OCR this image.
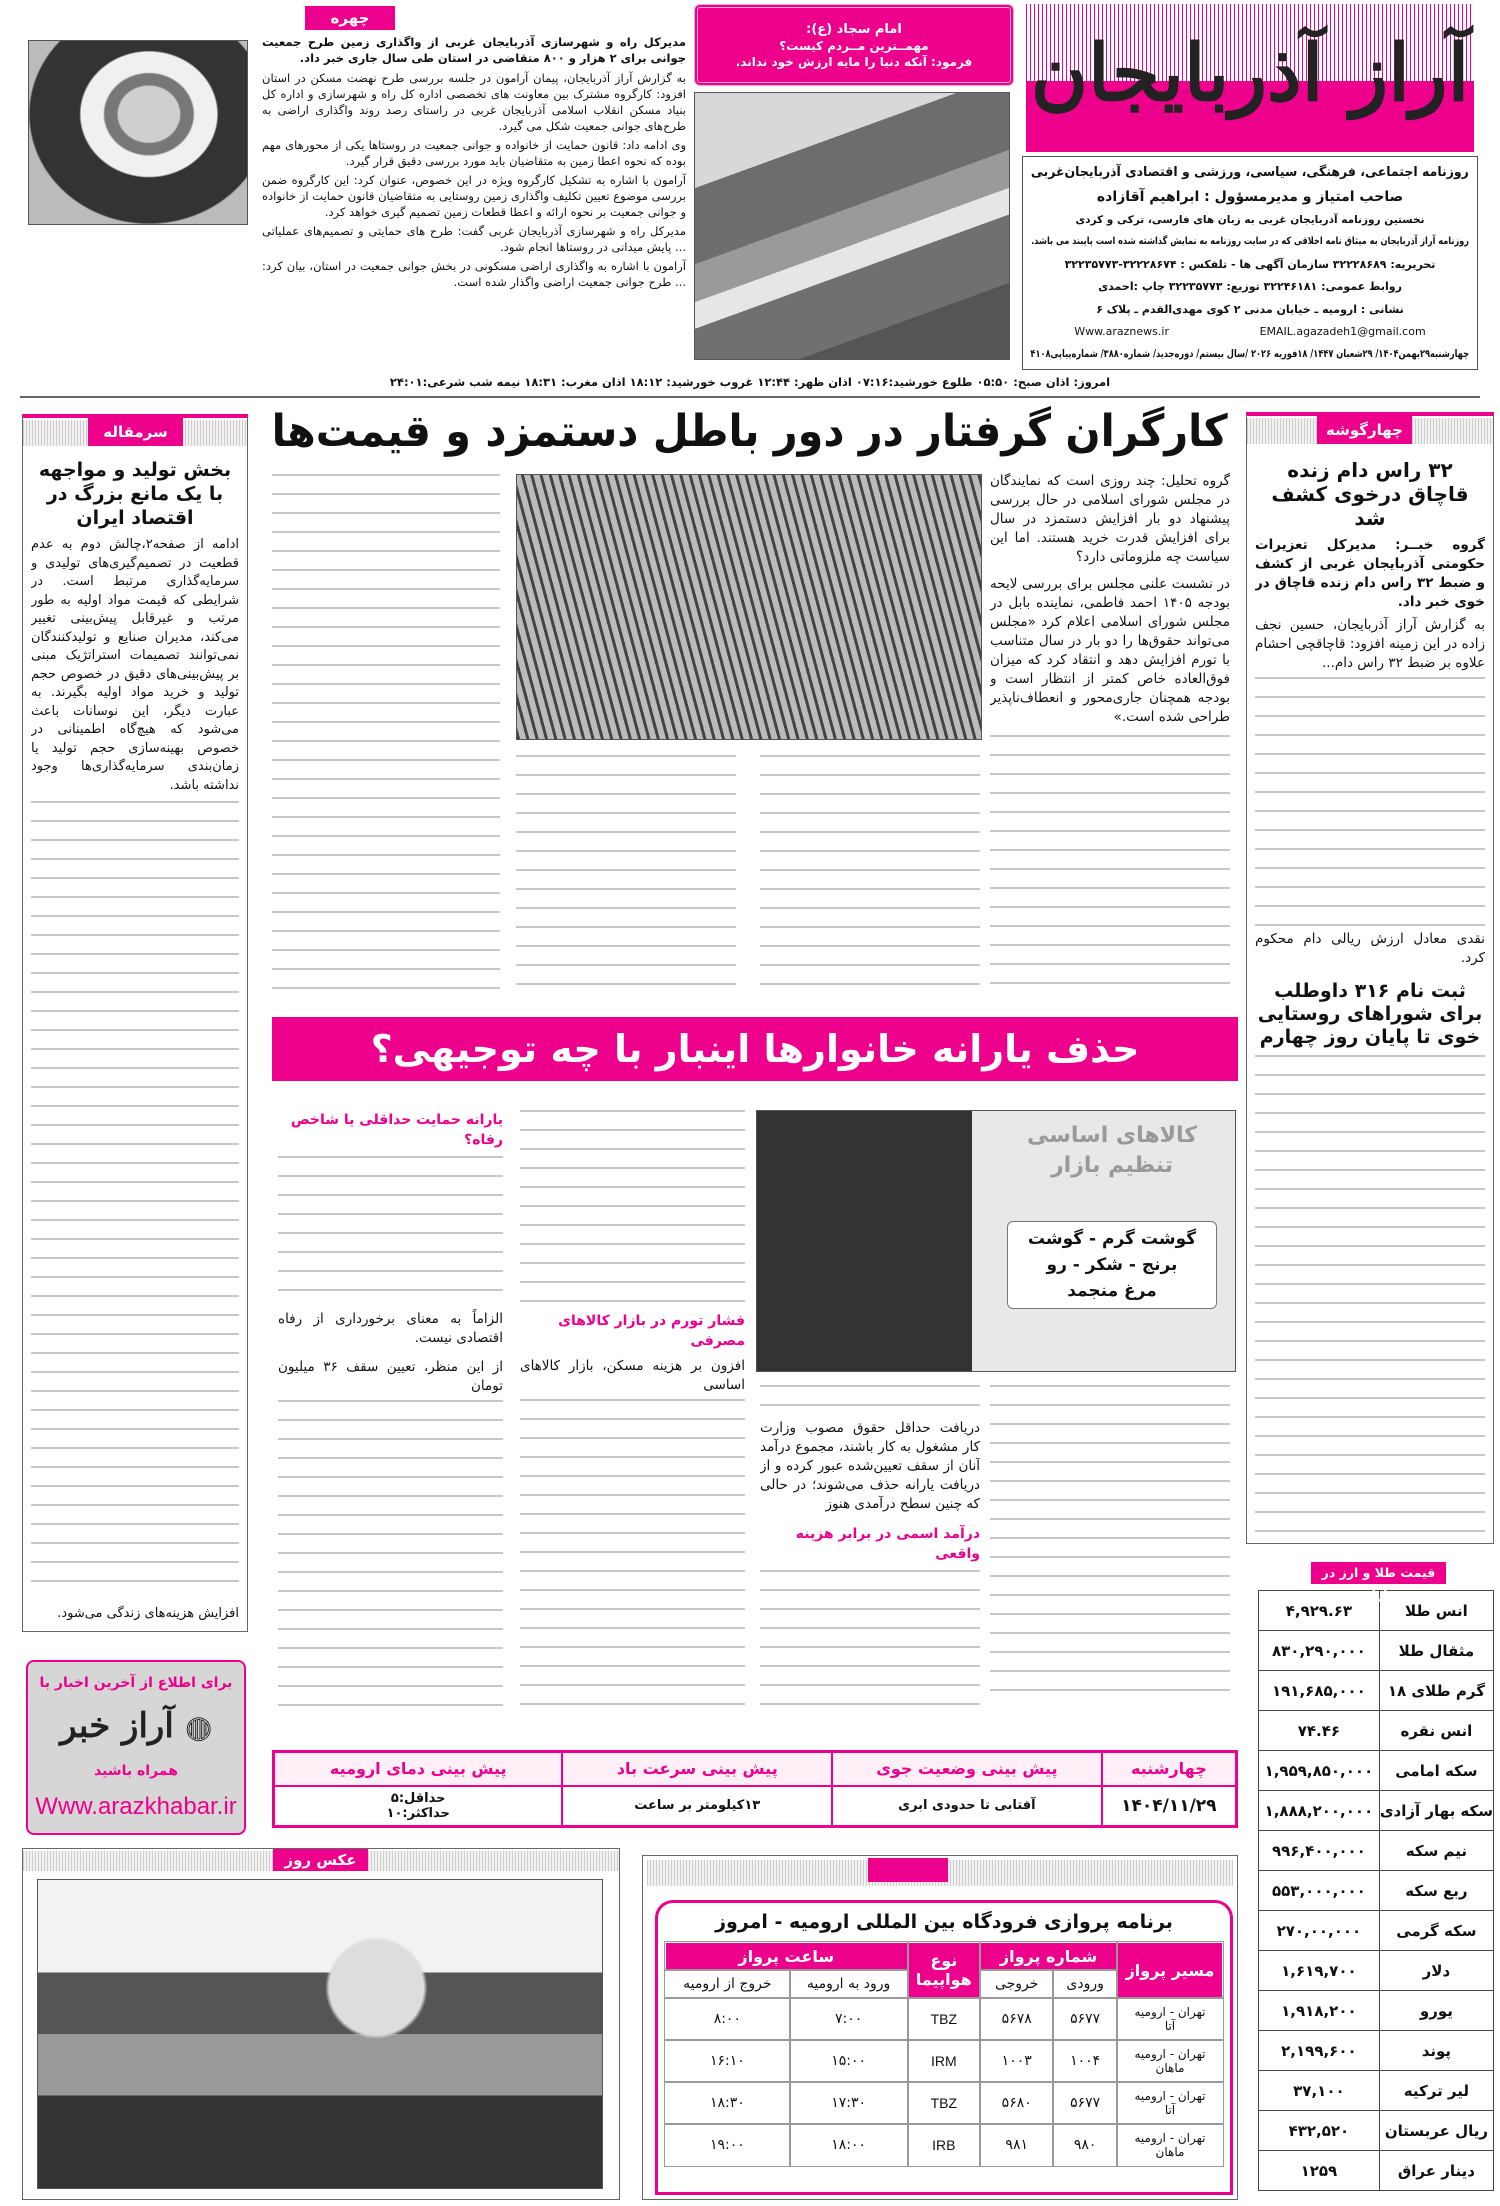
آراز آذربایجان
روزنامه اجتماعی، فرهنگی، سیاسی، ورزشی و اقتصادی آذربایجان‌غربی
صاحب امتیاز و مدیرمسؤول : ابراهیم آقازاده
نخستین روزنامه آذربایجان غربی به زبان های فارسی، ترکی و کردی
روزنامه آراز آذربایجان به میثاق نامه اخلاقی که در سایت روزنامه به نمایش گذاشته شده است پایبند می باشد.
تحریریه: ۳۲۲۲۸۶۸۹ سازمان آگهی ها - تلفکس : ۳۲۲۲۸۶۷۴-۳۲۲۳۵۷۷۳
روابط عمومی: ۳۲۲۴۶۱۸۱ توزیع: ۳۲۲۳۵۷۷۳ چاپ :احمدی
نشانی : ارومیه ـ خیابان مدنی ۲ کوی مهدی‌القدم ـ پلاک ۶
Www.araznews.ir	EMAIL.agazadeh1@gmail.com
چهارشنبه۲۹بهمن۱۴۰۴/ ۲۹شعبان ۱۴۴۷/ ۱۸فوریه ۲۰۲۶ /سال بیستم/ دوره‌جدید/ شماره۳۸۸۰/ شماره‌پیاپی۴۱۰۸
امام سجاد (ع):
مهمــترین مــردم کیست؟
فرمود: آنکه دنیا را مایه ارزش خود نداند.
چهره

مدیرکل راه و شهرسازی آذربایجان غربی از واگذاری زمین طرح جمعیت جوانی برای ۲ هزار و ۸۰۰ متقاضی در استان طی سال جاری خبر داد.

به گزارش آراز آذربایجان، پیمان آرامون در جلسه بررسی طرح نهضت مسکن در استان افزود: کارگروه مشترک بین معاونت های تخصصی اداره کل راه و شهرسازی و اداره کل بنیاد مسکن انقلاب اسلامی آذربایجان غربی در راستای رصد روند واگذاری اراضی به طرح‌های جوانی جمعیت شکل می گیرد.

وی ادامه داد: قانون حمایت از خانواده و جوانی جمعیت در روستاها یکی از محورهای مهم بوده که نحوه اعطا زمین به متقاضیان باید مورد بررسی دقیق قرار گیرد.

آرامون با اشاره به تشکیل کارگروه ویژه در این خصوص، عنوان کرد: این کارگروه ضمن بررسی موضوع تعیین تکلیف واگذاری زمین روستایی به متقاضیان قانون حمایت از خانواده و جوانی جمعیت بر نحوه ارائه و اعطا قطعات زمین تصمیم گیری خواهد کرد.

مدیرکل راه و شهرسازی آذربایجان غربی گفت: طرح های حمایتی و تصمیم‌های عملیاتی ... پایش میدانی در روستاها انجام شود.

آرامون با اشاره به واگذاری اراضی مسکونی در بخش جوانی جمعیت در استان، بیان کرد: ... طرح جوانی جمعیت اراضی واگذار شده است.

امروز: اذان صبح: ۰۵:۵۰ طلوع خورشید:۰۷:۱۶ اذان ظهر: ۱۲:۴۴ غروب خورشید: ۱۸:۱۲ اذان مغرب: ۱۸:۳۱ نیمه شب شرعی:۲۴:۰۱
سرمقاله
بخش تولید و مواجهه با یک مانع بزرگ در اقتصاد ایران
ادامه از صفحه۲،چالش دوم به عدم قطعیت در تصمیم‌گیری‌های تولیدی و سرمایه‌گذاری مرتبط است. در شرایطی که قیمت مواد اولیه به طور مرتب و غیرقابل پیش‌بینی تغییر می‌کند، مدیران صنایع و تولیدکنندگان نمی‌توانند تصمیمات استراتژیک مبنی بر پیش‌بینی‌های دقیق در خصوص حجم تولید و خرید مواد اولیه بگیرند. به عبارت دیگر، این نوسانات باعث می‌شود که هیچ‌گاه اطمینانی در خصوص بهینه‌سازی حجم تولید یا زمان‌بندی سرمایه‌گذاری‌ها وجود نداشته باشد.
افزایش هزینه‌های زندگی می‌شود.
برای اطلاع از آخرین اخبار با
◍ آراز خبر
همراه باشید
Www.arazkhabar.ir
کارگران گرفتار در دور باطل دستمزد و قیمت‌ها

گروه تحلیل: چند روزی است که نمایندگان در مجلس شورای اسلامی در حال بررسی پیشنهاد دو بار افزایش دستمزد در سال برای افزایش قدرت خرید هستند. اما این سیاست چه ملزوماتی دارد؟

در نشست علنی مجلس برای بررسی لایحه بودجه ۱۴۰۵ احمد فاطمی، نماینده بابل در مجلس شورای اسلامی اعلام کرد «مجلس می‌تواند حقوق‌ها را دو بار در سال متناسب با تورم افزایش دهد و انتقاد کرد که میزان فوق‌العاده خاص کمتر از انتظار است و بودجه همچنان جاری‌محور و انعطاف‌ناپذیر طراحی شده است.»

حذف یارانه خانوارها اینبار با چه توجیهی؟
کالاهای اساسی تنظیم بازار
گوشت گرم - گوشت
برنج - شکر - رو
مرغ منجمد
دریافت حداقل حقوق مصوب وزارت کار مشغول به کار باشند، مجموع درآمد آنان از سقف تعیین‌شده عبور کرده و از دریافت یارانه حذف می‌شوند؛ در حالی که چنین سطح درآمدی هنوز
درآمد اسمی در برابر هزینه واقعی
فشار تورم در بازار کالاهای مصرفی
افزون بر هزینه مسکن، بازار کالاهای اساسی
یارانه حمایت حداقلی یا شاخص رفاه؟
الزاماً به معنای برخورداری از رفاه اقتصادی نیست.
از این منظر، تعیین سقف ۳۶ میلیون تومان
چهارشنبه	پیش بینی وضعیت جوی	پیش بینی سرعت باد	پیش بینی دمای ارومیه
۱۴۰۴/۱۱/۲۹	آفتابی تا حدودی ابری	۱۳کیلومتر بر ساعت	حداقل:۵
حداکثر:۱۰
عکس روز
برنامه پروازی فرودگاه بین المللی ارومیه - امروز
مسیر پرواز	شماره پرواز		نوع هواپیما	ساعت پرواز	
	ورودی	خروجی		ورود به ارومیه	خروج از ارومیه

تهران - ارومیه
آتا	۵۶۷۷	۵۶۷۸	TBZ	۷:۰۰	۸:۰۰

تهران - ارومیه
ماهان	۱۰۰۴	۱۰۰۳	IRM	۱۵:۰۰	۱۶:۱۰

تهران - ارومیه
آتا	۵۶۷۷	۵۶۸۰	TBZ	۱۷:۳۰	۱۸:۳۰

تهران - ارومیه
ماهان	۹۸۰	۹۸۱	IRB	۱۸:۰۰	۱۹:۰۰
چهارگوشه
۳۲ راس دام زنده قاچاق درخوی کشف شد
گروه خبــر: مدیرکل تعزیرات حکومتی آذربایجان غربی از کشف و ضبط ۳۲ راس دام زنده قاچاق در خوی خبر داد.
به گزارش آراز آذربایجان، حسین نجف زاده در این زمینه افزود: قاچاقچی احشام علاوه بر ضبط ۳۲ راس دام...
نقدی معادل ارزش ریالی دام محکوم کرد.
ثبت نام ۳۱۶ داوطلب برای شوراهای روستایی خوی تا پایان روز چهارم
قیمت طلا و ارز در بازار
انس طلا	۴,۹۲۹.۶۳
مثقال طلا	۸۳۰,۲۹۰,۰۰۰
گرم طلای ۱۸	۱۹۱,۶۸۵,۰۰۰
انس نقره	۷۴.۴۶
سکه امامی	۱,۹۵۹,۸۵۰,۰۰۰
سکه بهار آزادی	۱,۸۸۸,۲۰۰,۰۰۰
نیم سکه	۹۹۶,۴۰۰,۰۰۰
ربع سکه	۵۵۳,۰۰۰,۰۰۰
سکه گرمی	۲۷۰,۰۰,۰۰۰
دلار	۱,۶۱۹,۷۰۰
یورو	۱,۹۱۸,۲۰۰
پوند	۲,۱۹۹,۶۰۰
لیر ترکیه	۳۷,۱۰۰
ریال عربستان	۴۳۲,۵۲۰
دینار عراق	۱۲۵۹
